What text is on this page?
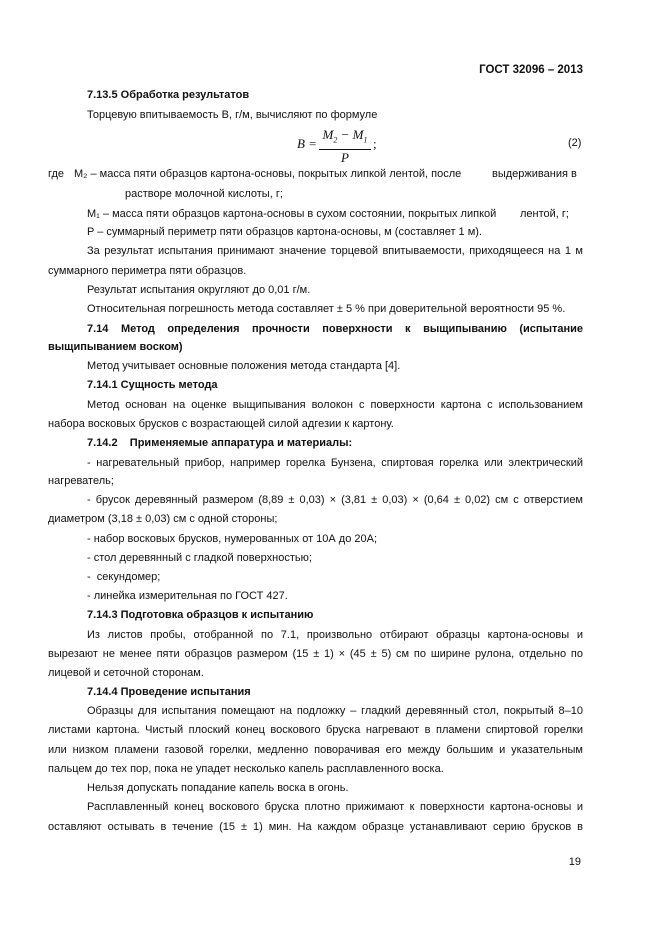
ГОСТ 32096 – 2013
7.13.5 Обработка результатов
Торцевую впитываемость B, г/м, вычисляют по формуле
B =
$M_2 - M_1$
P
;	(2)
где M₂ – масса пяти образцов картона-основы, покрытых липкой лентой, после	выдерживания в
растворе молочной кислоты, г;
M₁ – масса пяти образцов картона-основы в сухом состоянии, покрытых липкой лентой, г;
P – суммарный периметр пяти образцов картона-основы, м (составляет 1 м).
За результат испытания принимают значение торцевой впитываемости, приходящееся на 1 м
суммарного периметра пяти образцов.
Результат испытания округляют до 0,01 г/м.
Относительная погрешность метода составляет ± 5 % при доверительной вероятности 95 %.
7.14 Метод определения прочности поверхности к выщипыванию (испытание
выщипыванием воском)
Метод учитывает основные положения метода стандарта [4].
7.14.1 Сущность метода
Метод основан на оценке выщипывания волокон с поверхности картона с использованием
набора восковых брусков с возрастающей силой адгезии к картону.
7.14.2    Применяемые аппаратура и материалы:
- нагревательный прибор, например горелка Бунзена, спиртовая горелка или электрический
нагреватель;
- брусок деревянный размером (8,89 ± 0,03) × (3,81 ± 0,03) × (0,64 ± 0,02) см с отверстием
диаметром (3,18 ± 0,03) см с одной стороны;
- набор восковых брусков, нумерованных от 10А до 20А;
- стол деревянный с гладкой поверхностью;
-  секундомер;
- линейка измерительная по ГОСТ 427.
7.14.3 Подготовка образцов к испытанию
Из листов пробы, отобранной по 7.1, произвольно отбирают образцы картона-основы и
вырезают не менее пяти образцов размером (15 ± 1) × (45 ± 5) см по ширине рулона, отдельно по
лицевой и сеточной сторонам.
7.14.4 Проведение испытания
Образцы для испытания помещают на подложку – гладкий деревянный стол, покрытый 8–10
листами картона. Чистый плоский конец воскового бруска нагревают в пламени спиртовой горелки
или низком пламени газовой горелки, медленно поворачивая его между большим и указательным
пальцем до тех пор, пока не упадет несколько капель расплавленного воска.
Нельзя допускать попадание капель воска в огонь.
Расплавленный конец воскового бруска плотно прижимают к поверхности картона-основы и
оставляют остывать в течение (15 ± 1) мин. На каждом образце устанавливают серию брусков в
19
